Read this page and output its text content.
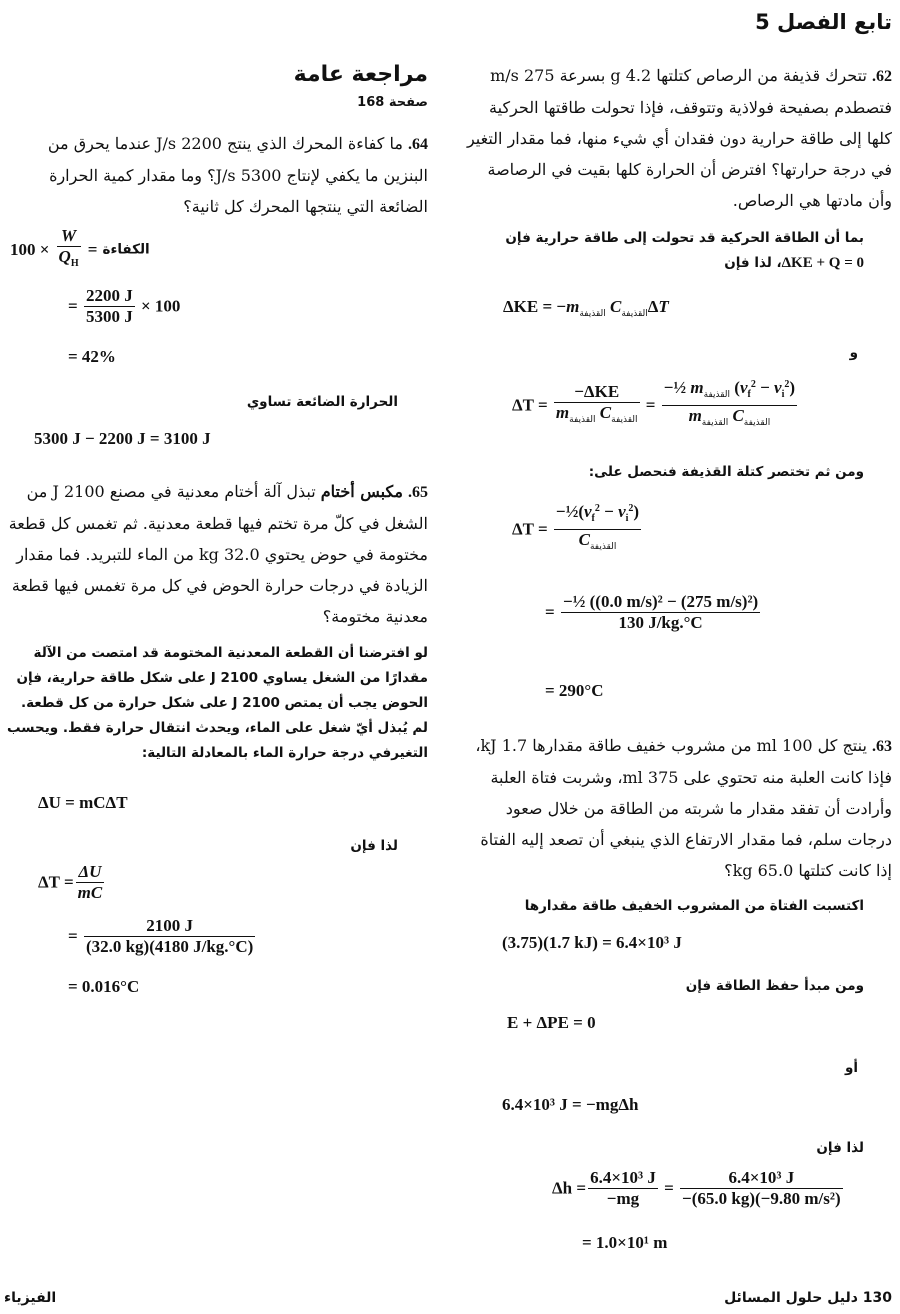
تابع الفصل 5
مراجعة عامة
صفحة 168

64. ما كفاءة المحرك الذي ينتج 2200 J/s عندما يحرق من البنزين ما يكفي لإنتاج 5300 J/s؟ وما مقدار كمية الحرارة الضائعة التي ينتجها المحرك كل ثانية؟

الكفاءة =
$\frac{W}{Q_H}$
× 100
= $\frac{2200 J}{5300 J} \times 100$
= 42%
الحرارة الضائعة تساوي
5300 J − 2200 J = 3100 J

65. مكبس أختام تبذل آلة أختام معدنية في مصنع 2100 J من الشغل في كلّ مرة تختم فيها قطعة معدنية. ثم تغمس كل قطعة مختومة في حوض يحتوي 32.0 kg من الماء للتبريد. فما مقدار الزيادة في درجات حرارة الحوض في كل مرة تغمس فيها قطعة معدنية مختومة؟

لو افترضنا أن القطعة المعدنية المختومة قد امتصت من الآلة مقدارًا من الشغل يساوي 2100 J على شكل طاقة حرارية، فإن الحوض يجب أن يمتص 2100 J على شكل حرارة من كل قطعة. لم يُبذل أيّ شغل على الماء، ويحدث انتقال حرارة فقط. ويحسب التغيرفي درجة حرارة الماء بالمعادلة التالية:
ΔU = mCΔT
لذا فإن
$\Delta T = \frac{\Delta U}{mC}$
= $\frac{2100 J}{(32.0 kg)(4180 J/kg.^\circ C)}$
= 0.016°C

62. تتحرك قذيفة من الرصاص كتلتها 4.2 g بسرعة 275 m/s فتصطدم بصفيحة فولاذية وتتوقف، فإذا تحولت طاقتها الحركية كلها إلى طاقة حرارية دون فقدان أي شيء منها، فما مقدار التغير في درجة حرارتها؟ افترض أن الحرارة كلها بقيت في الرصاصة وأن مادتها هي الرصاص.

بما أن الطاقة الحركية قد تحولت إلى طاقة حرارية فإن ΔKE + Q = 0، لذا فإن
$\Delta KE = -m_{القذيفة}$ $C_{القذيفة}\Delta T$
و
$\Delta T = \frac{\text{−ΔKE}}{m_{القذيفة} C_{القذيفة}} = \frac{-\frac{1}{2} m_{القذيفة} (v_f^2 - v_i^2)}{m_{القذيفة} C_{القذيفة}}$
ومن ثم تختصر كتلة القذيفة فنحصل على:
$\Delta T = \frac{-\frac{1}{2}(v_f^2 - v_i^2)}{C_{القذيفة}}$
= $\frac{\text{−½ ((0.0 m/s)² − (275 m/s)²)}}{130 J/kg.^\circ C}$
= 290°C

63. ينتج كل 100 ml من مشروب خفيف طاقة مقدارها 1.7 kJ، فإذا كانت العلبة منه تحتوي على 375 ml، وشربت فتاة العلبة وأرادت أن تفقد مقدار ما شربته من الطاقة من خلال صعود درجات سلم، فما مقدار الارتفاع الذي ينبغي أن تصعد إليه الفتاة إذا كانت كتلتها 65.0 kg؟

اكتسبت الفتاة من المشروب الخفيف طاقة مقدارها
(3.75)(1.7 kJ) = 6.4×10³ J
ومن مبدأ حفظ الطاقة فإن
E + ΔPE = 0
أو
6.4×10³ J = −mgΔh
لذا فإن
$\Delta h = \frac{\text{6.4×10³ J}}{-mg} = \frac{\text{6.4×10³ J}}{\text{−(65.0 kg)(−9.80 m/s²)}}$
= 1.0×10¹ m
الفيزياء	130 دليل حلول المسائل
